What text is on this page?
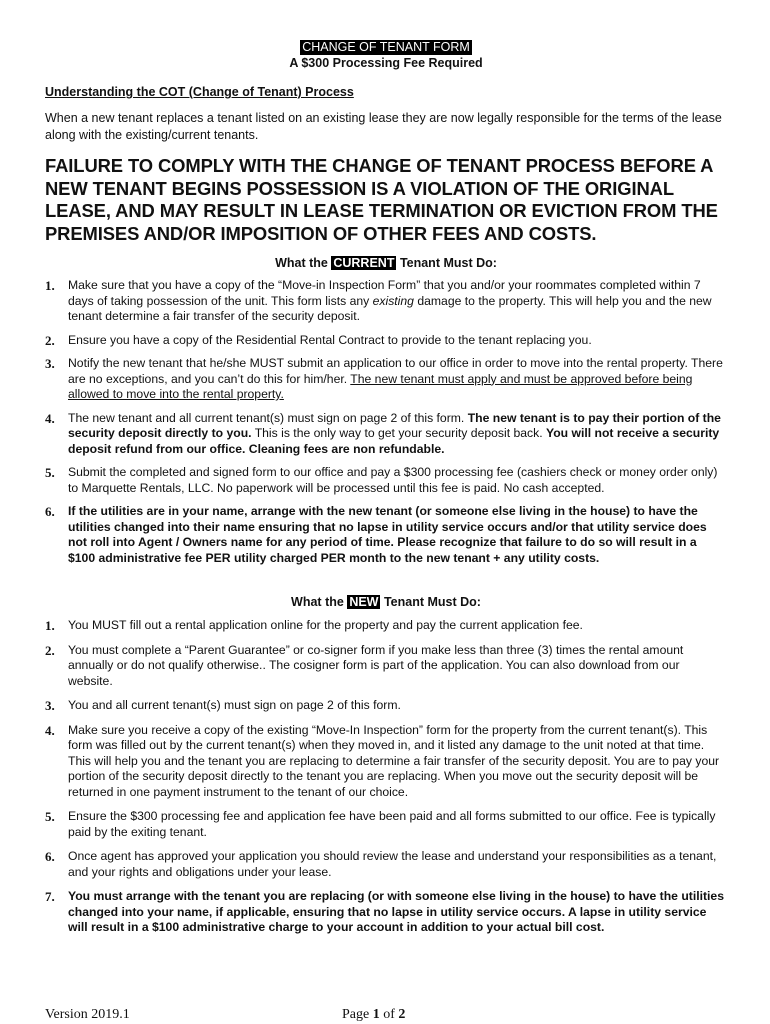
CHANGE OF TENANT FORM
A $300 Processing Fee Required
Understanding the COT (Change of Tenant) Process
When a new tenant replaces a tenant listed on an existing lease they are now legally responsible for the terms of the lease along with the existing/current tenants.
FAILURE TO COMPLY WITH THE CHANGE OF TENANT PROCESS BEFORE A NEW TENANT BEGINS POSSESSION IS A VIOLATION OF THE ORIGINAL LEASE, AND MAY RESULT IN LEASE TERMINATION OR EVICTION FROM THE PREMISES AND/OR IMPOSITION OF OTHER FEES AND COSTS.
What the CURRENT Tenant Must Do:
1. Make sure that you have a copy of the “Move-in Inspection Form” that you and/or your roommates completed within 7 days of taking possession of the unit. This form lists any existing damage to the property. This will help you and the new tenant determine a fair transfer of the security deposit.
2. Ensure you have a copy of the Residential Rental Contract to provide to the tenant replacing you.
3. Notify the new tenant that he/she MUST submit an application to our office in order to move into the rental property. There are no exceptions, and you can’t do this for him/her. The new tenant must apply and must be approved before being allowed to move into the rental property.
4. The new tenant and all current tenant(s) must sign on page 2 of this form. The new tenant is to pay their portion of the security deposit directly to you. This is the only way to get your security deposit back. You will not receive a security deposit refund from our office. Cleaning fees are non refundable.
5. Submit the completed and signed form to our office and pay a $300 processing fee (cashiers check or money order only) to Marquette Rentals, LLC. No paperwork will be processed until this fee is paid. No cash accepted.
6. If the utilities are in your name, arrange with the new tenant (or someone else living in the house) to have the utilities changed into their name ensuring that no lapse in utility service occurs and/or that utility service does not roll into Agent / Owners name for any period of time. Please recognize that failure to do so will result in a $100 administrative fee PER utility charged PER month to the new tenant + any utility costs.
What the NEW Tenant Must Do:
1. You MUST fill out a rental application online for the property and pay the current application fee.
2. You must complete a “Parent Guarantee” or co-signer form if you make less than three (3) times the rental amount annually or do not qualify otherwise.. The cosigner form is part of the application. You can also download from our website.
3. You and all current tenant(s) must sign on page 2 of this form.
4. Make sure you receive a copy of the existing “Move-In Inspection” form for the property from the current tenant(s). This form was filled out by the current tenant(s) when they moved in, and it listed any damage to the unit noted at that time. This will help you and the tenant you are replacing to determine a fair transfer of the security deposit. You are to pay your portion of the security deposit directly to the tenant you are replacing. When you move out the security deposit will be returned in one payment instrument to the tenant of our choice.
5. Ensure the $300 processing fee and application fee have been paid and all forms submitted to our office. Fee is typically paid by the exiting tenant.
6. Once agent has approved your application you should review the lease and understand your responsibilities as a tenant, and your rights and obligations under your lease.
7. You must arrange with the tenant you are replacing (or with someone else living in the house) to have the utilities changed into your name, if applicable, ensuring that no lapse in utility service occurs. A lapse in utility service will result in a $100 administrative charge to your account in addition to your actual bill cost.
Version 2019.1	Page 1 of 2
